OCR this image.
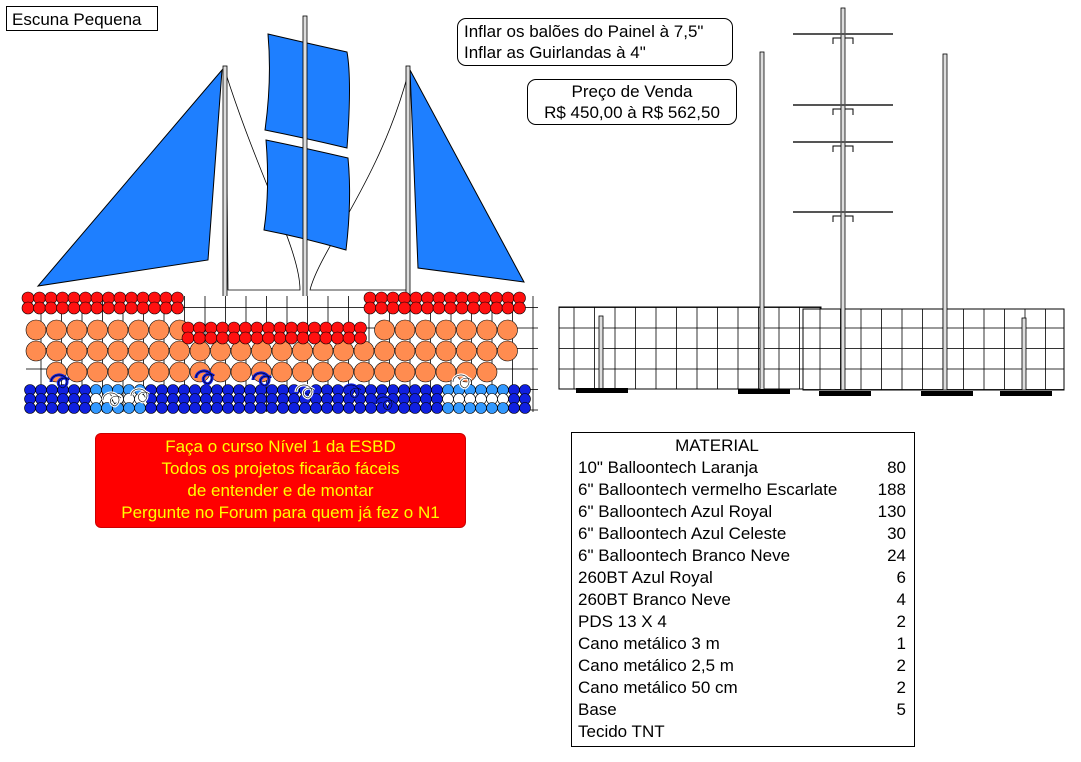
Escuna Pequena
Inflar os balões do Painel à 7,5"
Inflar as Guirlandas à 4"
Preço de Venda
R$ 450,00 à R$ 562,50
Faça o curso Nível 1 da ESBD
Todos os projetos ficarão fáceis
de entender e de montar
Pergunte no Forum para quem já fez o N1
MATERIAL
10" Balloontech Laranja	80
6" Balloontech vermelho Escarlate 188
6" Balloontech Azul Royal	130
6" Balloontech Azul Celeste	30
6" Balloontech Branco Neve	24
260BT Azul Royal	6
260BT Branco Neve	4
PDS 13 X 4	2
Cano metálico 3 m	1
Cano metálico 2,5 m	2
Cano metálico 50 cm	2
Base	5
Tecido TNT
